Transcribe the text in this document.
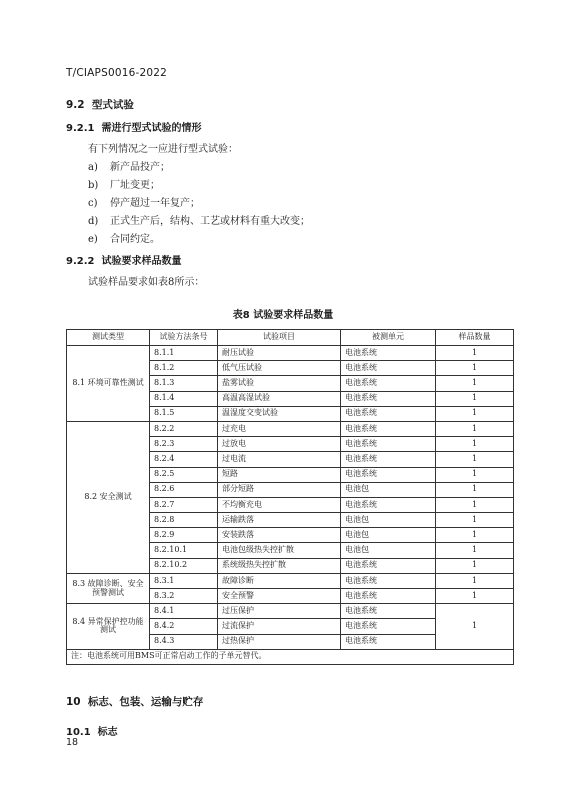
T/CIAPS0016-2022
9.2 型式试验
9.2.1 需进行型式试验的情形
有下列情况之一应进行型式试验：
a) 新产品投产；
b) 厂址变更；
c) 停产超过一年复产；
d) 正式生产后，结构、工艺或材料有重大改变；
e) 合同约定。
9.2.2 试验要求样品数量
试验样品要求如表8所示：
表8 试验要求样品数量
测试类型	试验方法条号	试验项目	被测单元	样品数量
8.1 环境可靠性测试	8.1.1	耐压试验	电池系统	1
	8.1.2	低气压试验	电池系统	1
	8.1.3	盐雾试验	电池系统	1
	8.1.4	高温高湿试验	电池系统	1
	8.1.5	温湿度交变试验	电池系统	1
8.2 安全测试	8.2.2	过充电	电池系统	1
	8.2.3	过放电	电池系统	1
	8.2.4	过电流	电池系统	1
	8.2.5	短路	电池系统	1
	8.2.6	部分短路	电池包	1
	8.2.7	不均衡充电	电池系统	1
	8.2.8	运输跌落	电池包	1
	8.2.9	安装跌落	电池包	1
	8.2.10.1	电池包级热失控扩散	电池包	1
	8.2.10.2	系统级热失控扩散	电池系统	1
8.3 故障诊断、安全预警测试	8.3.1	故障诊断	电池系统	1
	8.3.2	安全预警	电池系统	1
8.4 异常保护控功能测试	8.4.1	过压保护	电池系统	1
	8.4.2	过流保护	电池系统	
	8.4.3	过热保护	电池系统	
注：电池系统可用BMS可正常启动工作的子单元替代。				
10 标志、包装、运输与贮存
10.1 标志
18
